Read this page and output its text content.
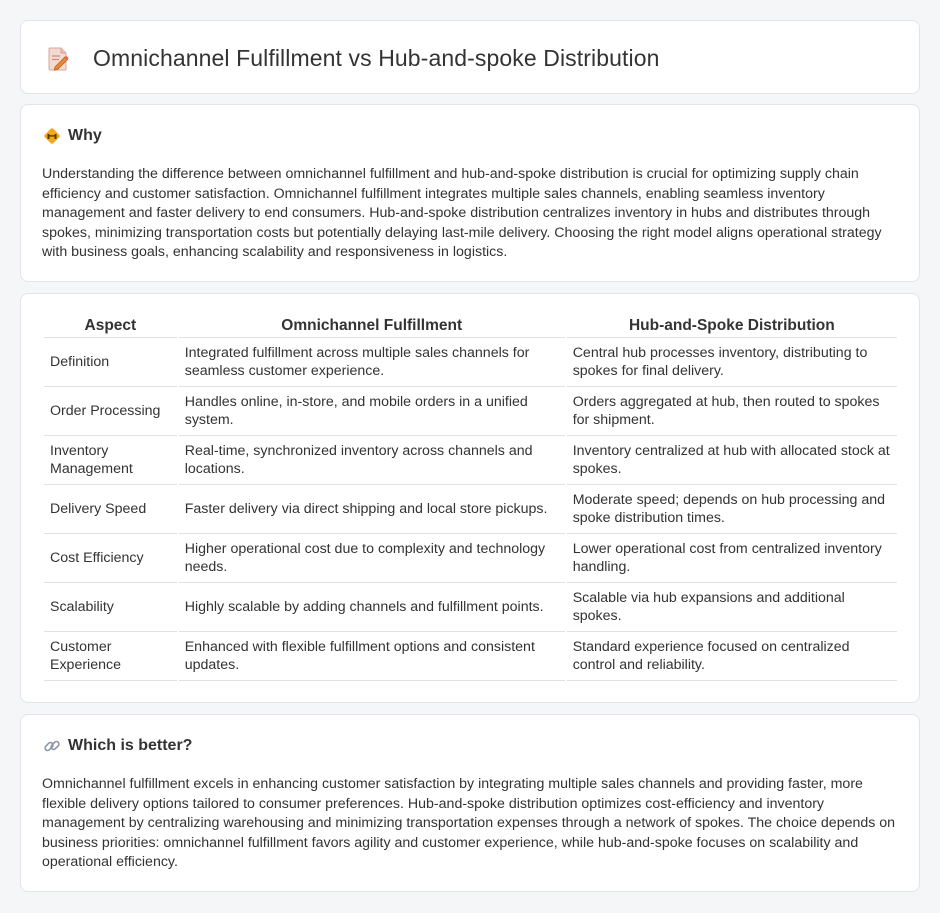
Omnichannel Fulfillment vs Hub-and-spoke Distribution
Why

Understanding the difference between omnichannel fulfillment and hub-and-spoke distribution is crucial for optimizing supply chain efficiency and customer satisfaction. Omnichannel fulfillment integrates multiple sales channels, enabling seamless inventory management and faster delivery to end consumers. Hub-and-spoke distribution centralizes inventory in hubs and distributes through spokes, minimizing transportation costs but potentially delaying last-mile delivery. Choosing the right model aligns operational strategy with business goals, enhancing scalability and responsiveness in logistics.

Aspect	Omnichannel Fulfillment	Hub-and-Spoke Distribution
Definition	Integrated fulfillment across multiple sales channels for seamless customer experience.	Central hub processes inventory, distributing to spokes for final delivery.
Order Processing	Handles online, in-store, and mobile orders in a unified system.	Orders aggregated at hub, then routed to spokes for shipment.
Inventory Management	Real-time, synchronized inventory across channels and locations.	Inventory centralized at hub with allocated stock at spokes.
Delivery Speed	Faster delivery via direct shipping and local store pickups.	Moderate speed; depends on hub processing and spoke distribution times.
Cost Efficiency	Higher operational cost due to complexity and technology needs.	Lower operational cost from centralized inventory handling.
Scalability	Highly scalable by adding channels and fulfillment points.	Scalable via hub expansions and additional spokes.
Customer Experience	Enhanced with flexible fulfillment options and consistent updates.	Standard experience focused on centralized control and reliability.
Which is better?

Omnichannel fulfillment excels in enhancing customer satisfaction by integrating multiple sales channels and providing faster, more flexible delivery options tailored to consumer preferences. Hub-and-spoke distribution optimizes cost-efficiency and inventory management by centralizing warehousing and minimizing transportation expenses through a network of spokes. The choice depends on business priorities: omnichannel fulfillment favors agility and customer experience, while hub-and-spoke focuses on scalability and operational efficiency.
